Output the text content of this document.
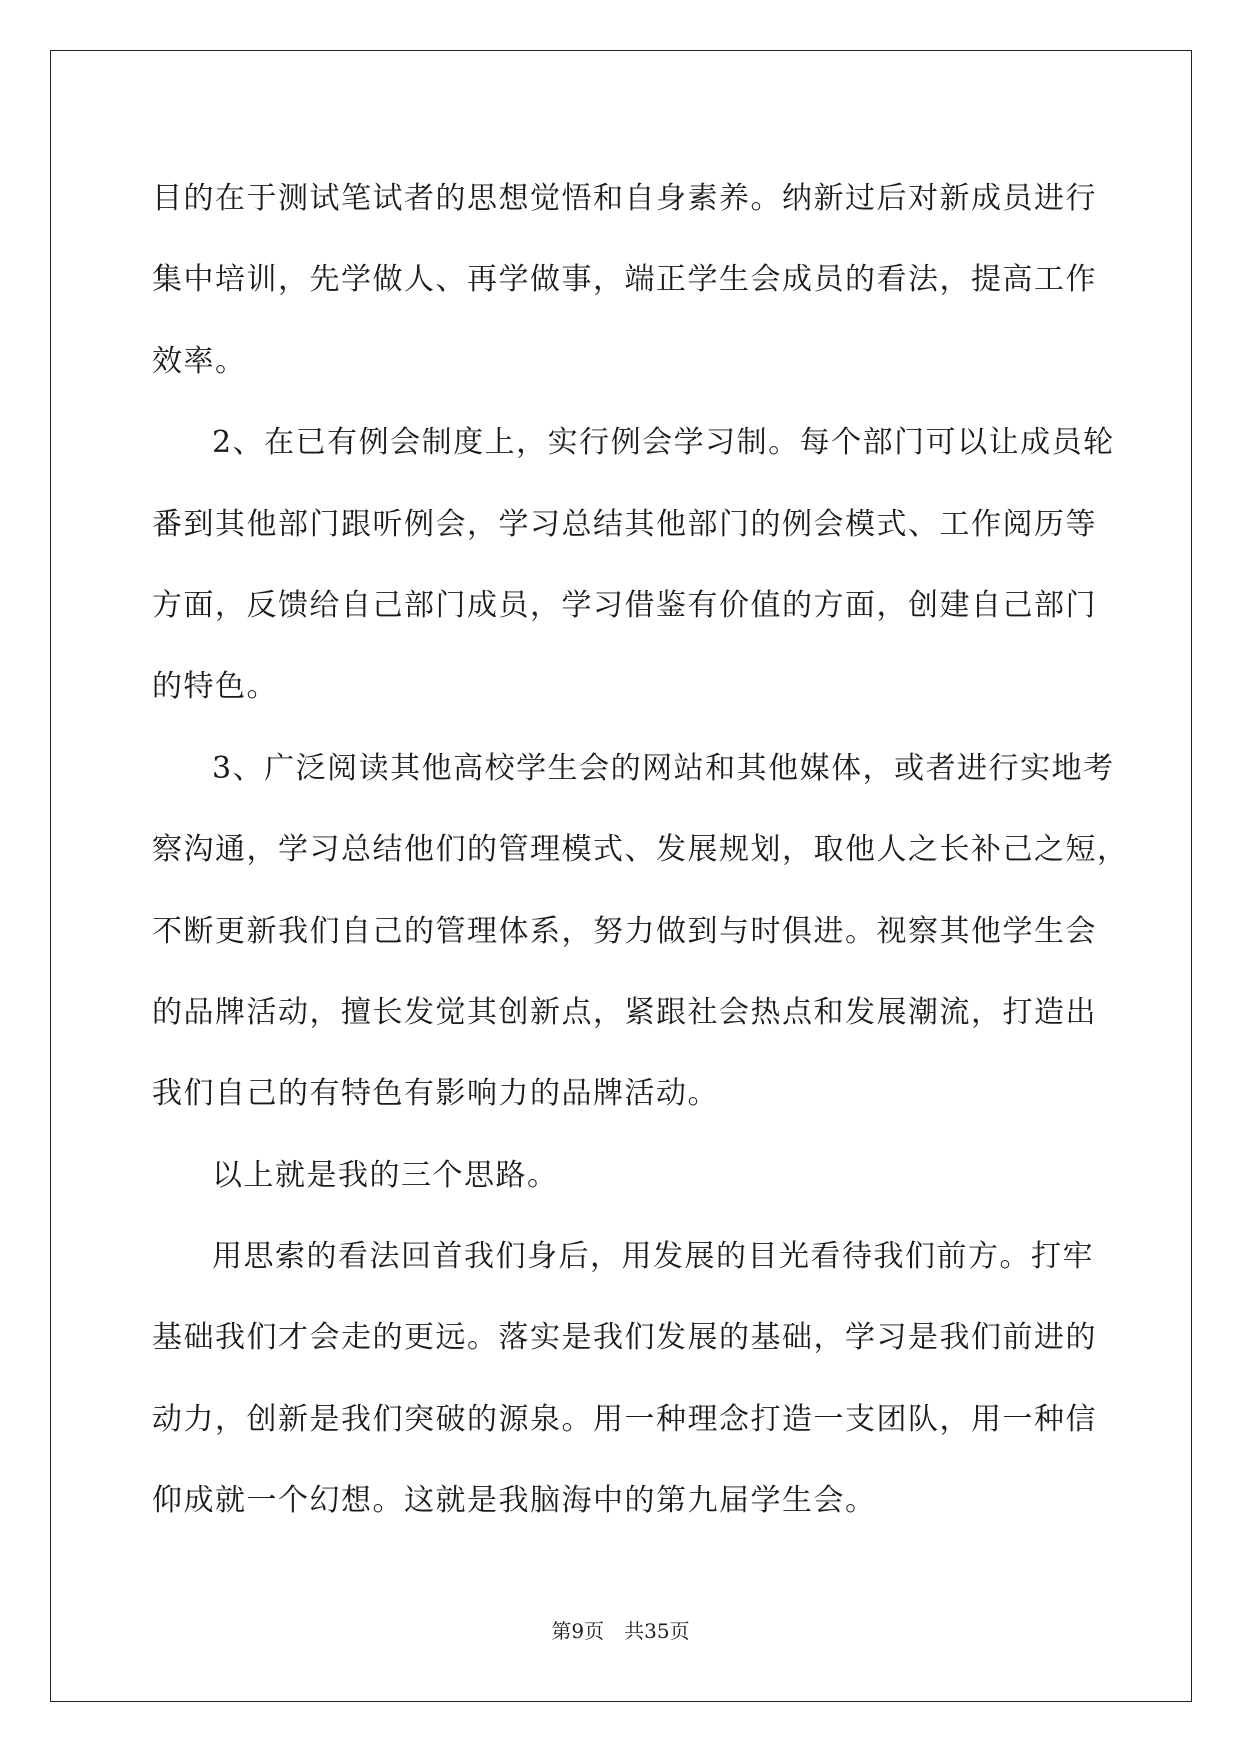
目的在于测试笔试者的思想觉悟和自身素养。纳新过后对新成员进行
集中培训，先学做人、再学做事，端正学生会成员的看法，提高工作
效率。
2、在已有例会制度上，实行例会学习制。每个部门可以让成员轮
番到其他部门跟听例会，学习总结其他部门的例会模式、工作阅历等
方面，反馈给自己部门成员，学习借鉴有价值的方面，创建自己部门
的特色。
3、广泛阅读其他高校学生会的网站和其他媒体，或者进行实地考
察沟通，学习总结他们的管理模式、发展规划，取他人之长补己之短，
不断更新我们自己的管理体系，努力做到与时俱进。视察其他学生会
的品牌活动，擅长发觉其创新点，紧跟社会热点和发展潮流，打造出
我们自己的有特色有影响力的品牌活动。
以上就是我的三个思路。
用思索的看法回首我们身后，用发展的目光看待我们前方。打牢
基础我们才会走的更远。落实是我们发展的基础，学习是我们前进的
动力，创新是我们突破的源泉。用一种理念打造一支团队，用一种信
仰成就一个幻想。这就是我脑海中的第九届学生会。
第9页　共35页
